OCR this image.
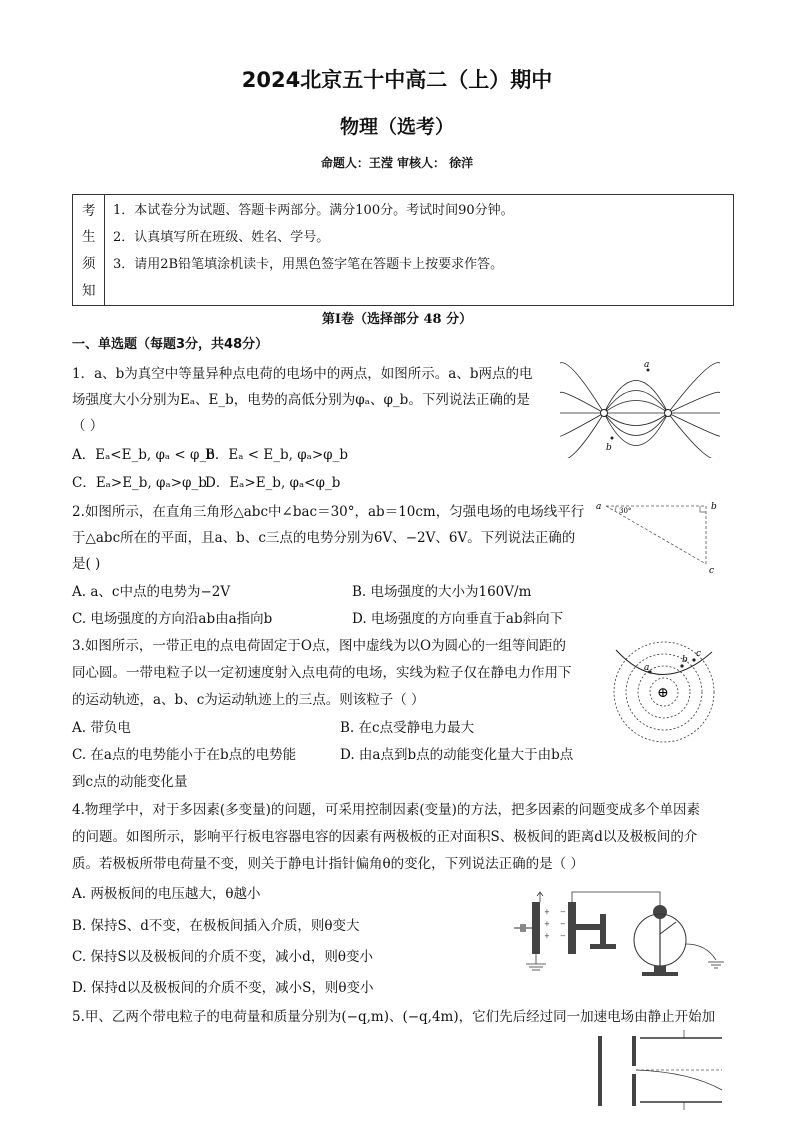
2024北京五十中高二（上）期中
物理（选考）
命题人：王滢 审核人： 徐洋
考
生
须
知
1．本试卷分为试题、答题卡两部分。满分100分。考试时间90分钟。
2．认真填写所在班级、姓名、学号。
3．请用2B铅笔填涂机读卡，用黑色签字笔在答题卡上按要求作答。
第Ⅰ卷（选择部分 48 分）
一、单选题（每题3分，共48分）
1．a、b为真空中等量异种点电荷的电场中的两点，如图所示。a、b两点的电
场强度大小分别为Eₐ、E_b，电势的高低分别为φₐ、φ_b。下列说法正确的是
（ ）
A．Eₐ<E_b, φₐ < φ_b
B．Eₐ < E_b, φₐ>φ_b
C．Eₐ>E_b, φₐ>φ_b
D．Eₐ>E_b, φₐ<φ_b
a
b
2.如图所示，在直角三角形△abc中∠bac＝30°，ab＝10cm，匀强电场的电场线平行
于△abc所在的平面，且a、b、c三点的电势分别为6V、−2V、6V。下列说法正确的
是( )
A. a、c中点的电势为−2V	B. 电场强度的大小为160V/m
C. 电场强度的方向沿ab由a指向b	D. 电场强度的方向垂直于ab斜向下
a	30°	b
c
3.如图所示，一带正电的点电荷固定于O点，图中虚线为以O为圆心的一组等间距的
同心圆。一带电粒子以一定初速度射入点电荷的电场，实线为粒子仅在静电力作用下
的运动轨迹，a、b、c为运动轨迹上的三点。则该粒子（ ）
A. 带负电	B. 在c点受静电力最大
C. 在a点的电势能小于在b点的电势能	D. 由a点到b点的动能变化量大于由b点
到c点的动能变化量
a
b
c
⊕
4.物理学中，对于多因素(多变量)的问题，可采用控制因素(变量)的方法，把多因素的问题变成多个单因素
的问题。如图所示，影响平行板电容器电容的因素有两极板的正对面积S、极板间的距离d以及极板间的介
质。若极板所带电荷量不变，则关于静电计指针偏角θ的变化，下列说法正确的是（ ）
A. 两极板间的电压越大，θ越小
B. 保持S、d不变，在极板间插入介质，则θ变大
C. 保持S以及极板间的介质不变，减小d，则θ变小
D. 保持d以及极板间的介质不变，减小S，则θ变小
+
+
+
−
−
−
5.甲、乙两个带电粒子的电荷量和质量分别为(−q,m)、(−q,4m)，它们先后经过同一加速电场由静止开始加
